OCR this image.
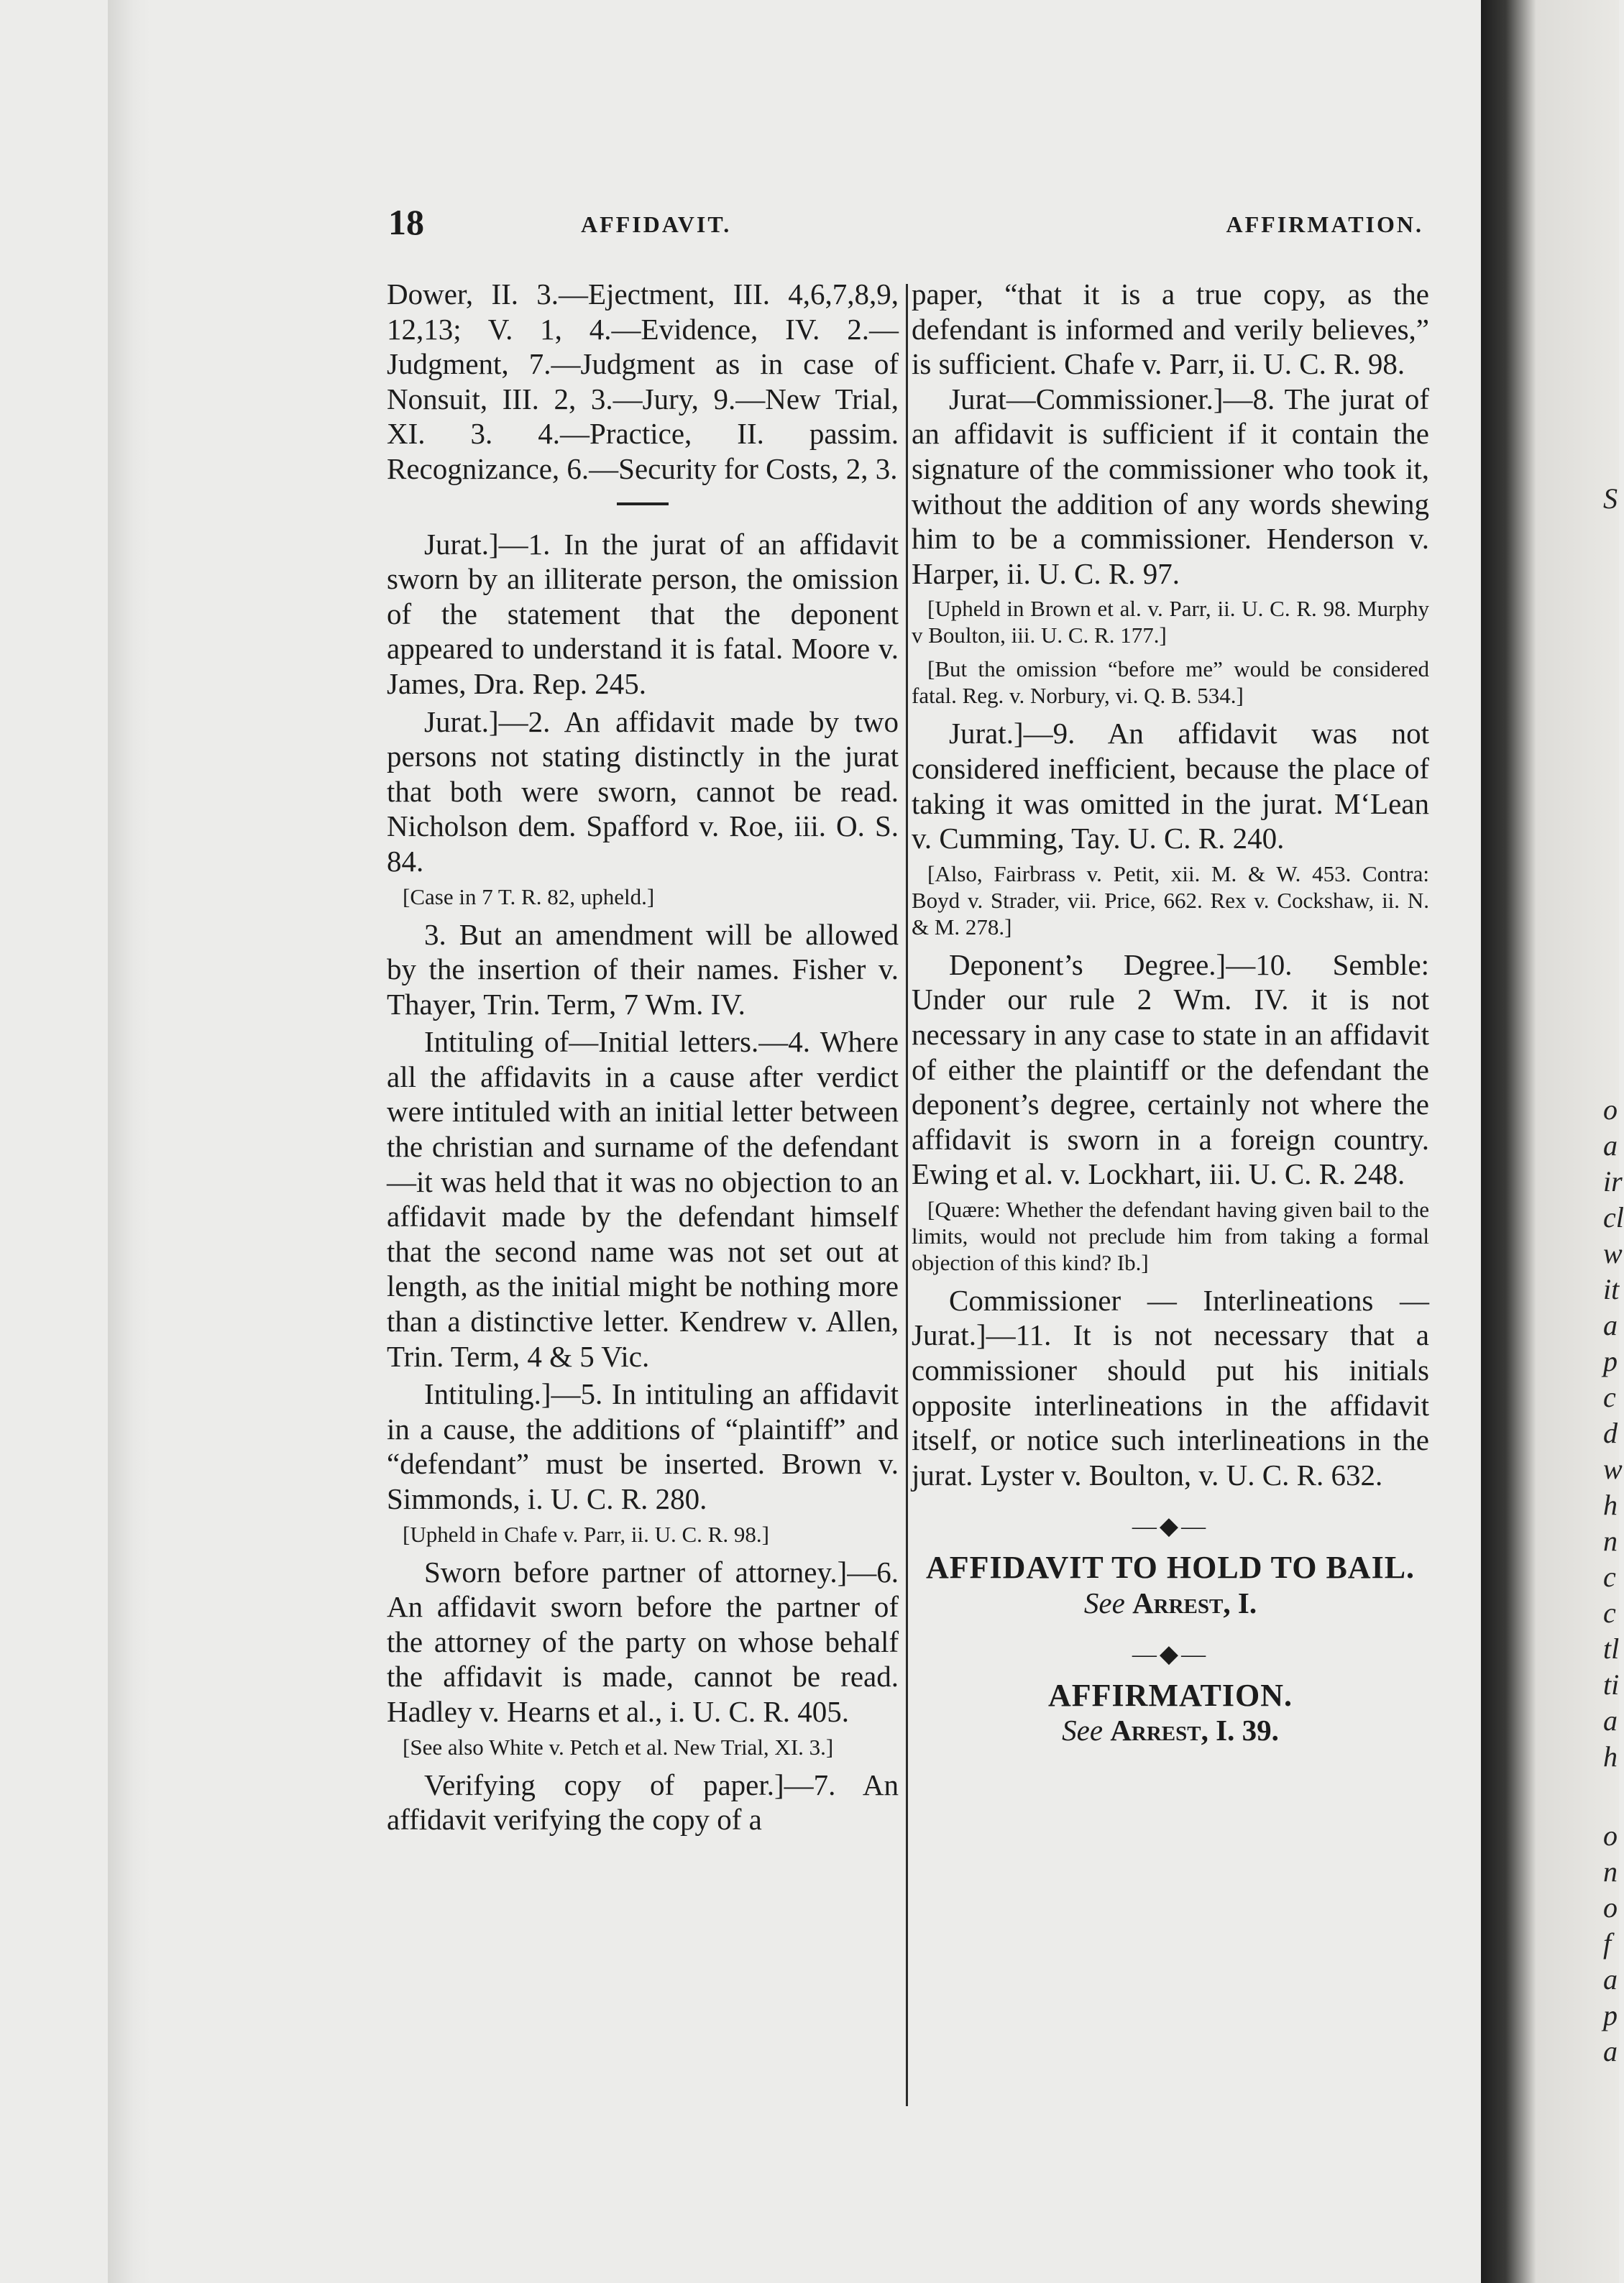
S
o
a
ir
cl
w
it
a
p
c
d
w
h
n
c
c
tl
ti
a
h
o
n
o
f
a
p
a
18	AFFIDAVIT.	AFFIRMATION.

Dower, II. 3.—Ejectment, III. 4,6,7,8,9, 12,13; V. 1, 4.—Evidence, IV. 2.—Judgment, 7.—Judgment as in case of Nonsuit, III. 2, 3.—Jury, 9.—New Trial, XI. 3. 4.—Practice, II. passim. Recognizance, 6.—Security for Costs, 2, 3.

Jurat.]—1. In the jurat of an affidavit sworn by an illiterate person, the omission of the statement that the deponent appeared to understand it is fatal. Moore v. James, Dra. Rep. 245.

Jurat.]—2. An affidavit made by two persons not stating distinctly in the jurat that both were sworn, cannot be read. Nicholson dem. Spafford v. Roe, iii. O. S. 84.

[Case in 7 T. R. 82, upheld.]

3. But an amendment will be allowed by the insertion of their names. Fisher v. Thayer, Trin. Term, 7 Wm. IV.

Intituling of—Initial letters.—4. Where all the affidavits in a cause after verdict were intituled with an initial letter between the christian and surname of the defendant—it was held that it was no objection to an affidavit made by the defendant himself that the second name was not set out at length, as the initial might be nothing more than a distinctive letter. Kendrew v. Allen, Trin. Term, 4 & 5 Vic.

Intituling.]—5. In intituling an affidavit in a cause, the additions of “plaintiff” and “defendant” must be inserted. Brown v. Simmonds, i. U. C. R. 280.

[Upheld in Chafe v. Parr, ii. U. C. R. 98.]

Sworn before partner of attorney.]—6. An affidavit sworn before the partner of the attorney of the party on whose behalf the affidavit is made, cannot be read. Hadley v. Hearns et al., i. U. C. R. 405.

[See also White v. Petch et al. New Trial, XI. 3.]

Verifying copy of paper.]—7. An affidavit verifying the copy of a

paper, “that it is a true copy, as the defendant is informed and verily believes,” is sufficient. Chafe v. Parr, ii. U. C. R. 98.

Jurat—Commissioner.]—8. The jurat of an affidavit is sufficient if it contain the signature of the commissioner who took it, without the addition of any words shewing him to be a commissioner. Henderson v. Harper, ii. U. C. R. 97.

[Upheld in Brown et al. v. Parr, ii. U. C. R. 98. Murphy v Boulton, iii. U. C. R. 177.]

[But the omission “before me” would be considered fatal. Reg. v. Norbury, vi. Q. B. 534.]

Jurat.]—9. An affidavit was not considered inefficient, because the place of taking it was omitted in the jurat. M‘Lean v. Cumming, Tay. U. C. R. 240.

[Also, Fairbrass v. Petit, xii. M. & W. 453. Contra: Boyd v. Strader, vii. Price, 662. Rex v. Cockshaw, ii. N. & M. 278.]

Deponent’s Degree.]—10. Semble: Under our rule 2 Wm. IV. it is not necessary in any case to state in an affidavit of either the plaintiff or the defendant the deponent’s degree, certainly not where the affidavit is sworn in a foreign country. Ewing et al. v. Lockhart, iii. U. C. R. 248.

[Quære: Whether the defendant having given bail to the limits, would not preclude him from taking a formal objection of this kind? Ib.]

Commissioner — Interlineations — Jurat.]—11. It is not necessary that a commissioner should put his initials opposite interlineations in the affidavit itself, or notice such interlineations in the jurat. Lyster v. Boulton, v. U. C. R. 632.

—◆—

AFFIDAVIT TO HOLD TO BAIL.

See Arrest, I.

—◆—

AFFIRMATION.

See Arrest, I. 39.
